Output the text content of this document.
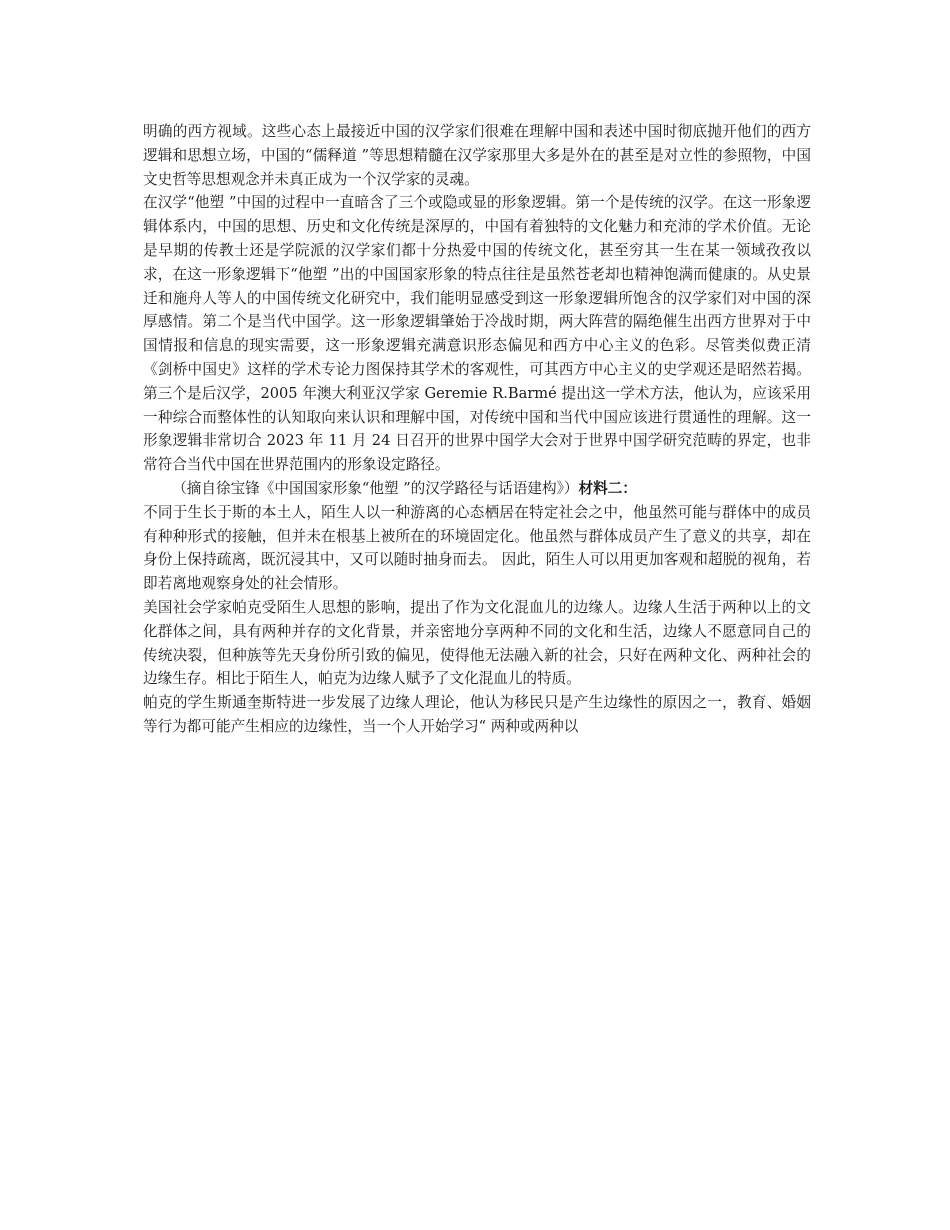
明确的西方视域。这些心态上最接近中国的汉学家们很难在理解中国和表述中国时彻底抛开他们的西方逻辑和思想立场，中国的“儒释道 ”等思想精髓在汉学家那里大多是外在的甚至是对立性的参照物，中国文史哲等思想观念并未真正成为一个汉学家的灵魂。

在汉学“他塑 ”中国的过程中一直暗含了三个或隐或显的形象逻辑。第一个是传统的汉学。在这一形象逻辑体系内，中国的思想、历史和文化传统是深厚的，中国有着独特的文化魅力和充沛的学术价值。无论是早期的传教士还是学院派的汉学家们都十分热爱中国的传统文化，甚至穷其一生在某一领域孜孜以求，在这一形象逻辑下“他塑 ”出的中国国家形象的特点往往是虽然苍老却也精神饱满而健康的。从史景迁和施舟人等人的中国传统文化研究中，我们能明显感受到这一形象逻辑所饱含的汉学家们对中国的深厚感情。第二个是当代中国学。这一形象逻辑肇始于冷战时期，两大阵营的隔绝催生出西方世界对于中国情报和信息的现实需要，这一形象逻辑充满意识形态偏见和西方中心主义的色彩。尽管类似费正清《剑桥中国史》这样的学术专论力图保持其学术的客观性，可其西方中心主义的史学观还是昭然若揭。第三个是后汉学，2005 年澳大利亚汉学家 Geremie R.Barmé 提出这一学术方法，他认为，应该采用一种综合而整体性的认知取向来认识和理解中国，对传统中国和当代中国应该进行贯通性的理解。这一形象逻辑非常切合 2023 年 11 月 24 日召开的世界中国学大会对于世界中国学研究范畴的界定，也非常符合当代中国在世界范围内的形象设定路径。

（摘自徐宝锋《中国国家形象“他塑 ”的汉学路径与话语建构》）材料二：

不同于生长于斯的本土人，陌生人以一种游离的心态栖居在特定社会之中，他虽然可能与群体中的成员有种种形式的接触，但并未在根基上被所在的环境固定化。他虽然与群体成员产生了意义的共享，却在身份上保持疏离，既沉浸其中，又可以随时抽身而去。 因此，陌生人可以用更加客观和超脱的视角，若即若离地观察身处的社会情形。

美国社会学家帕克受陌生人思想的影响，提出了作为文化混血儿的边缘人。边缘人生活于两种以上的文化群体之间，具有两种并存的文化背景，并亲密地分享两种不同的文化和生活，边缘人不愿意同自己的传统决裂，但种族等先天身份所引致的偏见，使得他无法融入新的社会，只好在两种文化、两种社会的边缘生存。相比于陌生人，帕克为边缘人赋予了文化混血儿的特质。

帕克的学生斯通奎斯特进一步发展了边缘人理论，他认为移民只是产生边缘性的原因之一，教育、婚姻等行为都可能产生相应的边缘性，当一个人开始学习“ 两种或两种以
